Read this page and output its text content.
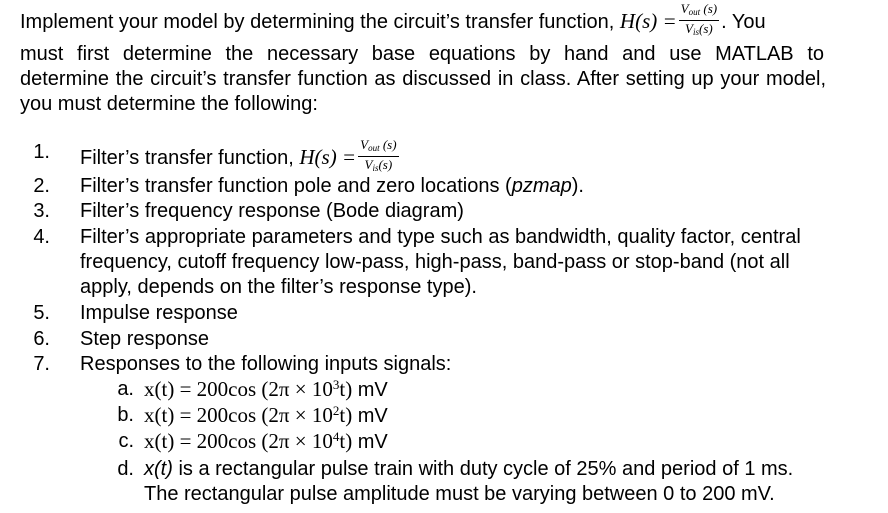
Implement your model by determining the circuit’s transfer function, $H(s) = \frac{V_{out} (s)}{V_{is}(s)}$ . You
must first determine the necessary base equations by hand and use MATLAB to
determine the circuit’s transfer function as discussed in class. After setting up your model,
you must determine the following:
1. Filter’s transfer function, $H(s) = \frac{V_{out} (s)}{V_{is}(s)}$
2. Filter’s transfer function pole and zero locations (pzmap).
3. Filter’s frequency response (Bode diagram)
4. Filter’s appropriate parameters and type such as bandwidth, quality factor, central
frequency, cutoff frequency low-pass, high-pass, band-pass or stop-band (not all
apply, depends on the filter’s response type).
5. Impulse response
6. Step response
7. Responses to the following inputs signals:
a. x(t) = 200cos $(2\pi \times 10^3t)$ mV
b. x(t) = 200cos $(2\pi \times 10^2t)$ mV
c. x(t) = 200cos $(2\pi \times 10^4t)$ mV
d. x(t) is a rectangular pulse train with duty cycle of 25% and period of 1 ms.
The rectangular pulse amplitude must be varying between 0 to 200 mV.
